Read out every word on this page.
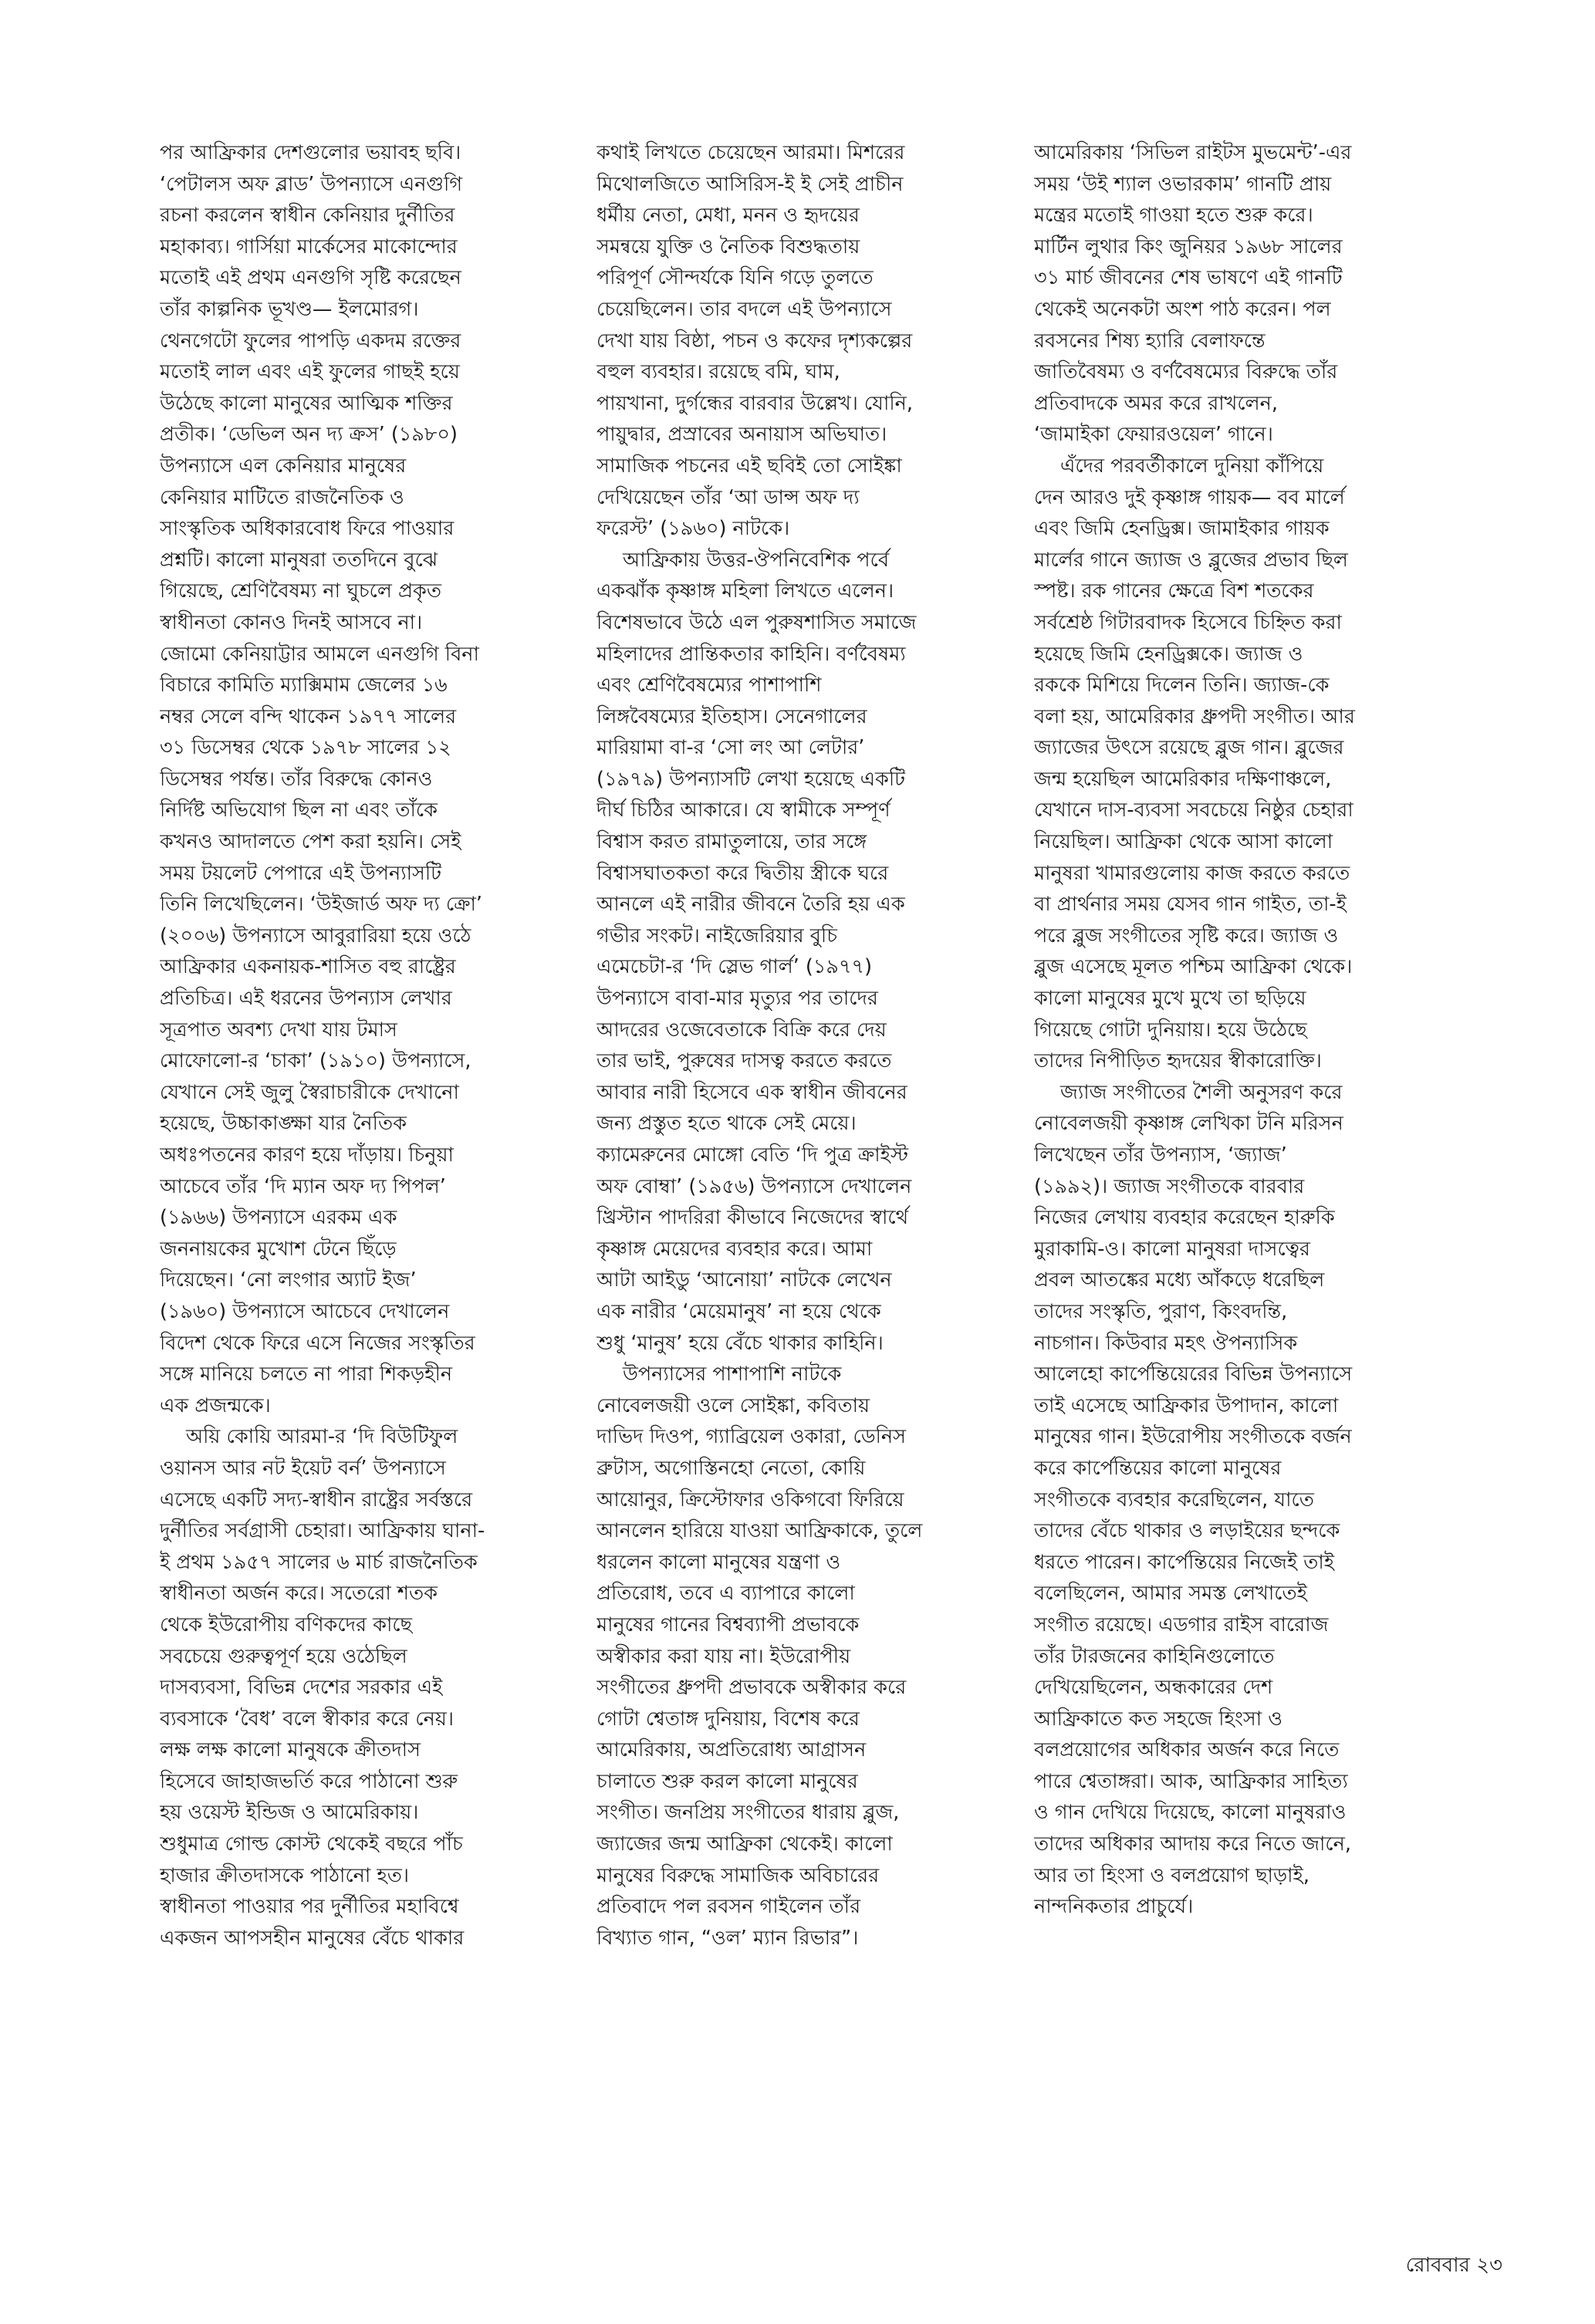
পর আফ্রিকার দেশগুলোর ভয়াবহ ছবি।
‘পেটালস অফ ব্লাড’ উপন্যাসে এনগুগি
রচনা করলেন স্বাধীন কেনিয়ার দুর্নীতির
মহাকাব্য। গার্সিয়া মার্কেসের মাকোন্দোর
মতোই এই প্রথম এনগুগি সৃষ্টি করেছেন
তাঁর কাল্পনিক ভূখণ্ড— ইলমোরগ।
থেনগেটো ফুলের পাপড়ি একদম রক্তের
মতোই লাল এবং এই ফুলের গাছই হয়ে
উঠেছে কালো মানুষের আত্মিক শক্তির
প্রতীক। ‘ডেভিল অন দ্য ক্রস’ (১৯৮০)
উপন্যাসে এল কেনিয়ার মানুষের
কেনিয়ার মাটিতে রাজনৈতিক ও
সাংস্কৃতিক অধিকারবোধ ফিরে পাওয়ার
প্রশ্নটি। কালো মানুষরা ততদিনে বুঝে
গিয়েছে, শ্রেণিবৈষম্য না ঘুচলে প্রকৃত
স্বাধীনতা কোনও দিনই আসবে না।
জোমো কেনিয়াট্টার আমলে এনগুগি বিনা
বিচারে কামিতি ম্যাক্সিমাম জেলের ১৬
নম্বর সেলে বন্দি থাকেন ১৯৭৭ সালের
৩১ ডিসেম্বর থেকে ১৯৭৮ সালের ১২
ডিসেম্বর পর্যন্ত। তাঁর বিরুদ্ধে কোনও
নির্দিষ্ট অভিযোগ ছিল না এবং তাঁকে
কখনও আদালতে পেশ করা হয়নি। সেই
সময় টয়লেট পেপারে এই উপন্যাসটি
তিনি লিখেছিলেন। ‘উইজার্ড অফ দ্য ক্রো’
(২০০৬) উপন্যাসে আবুরারিয়া হয়ে ওঠে
আফ্রিকার একনায়ক-শাসিত বহু রাষ্ট্রের
প্রতিচিত্র। এই ধরনের উপন্যাস লেখার
সূত্রপাত অবশ্য দেখা যায় টমাস
মোফোলো-র ‘চাকা’ (১৯১০) উপন্যাসে,
যেখানে সেই জুলু স্বৈরাচারীকে দেখানো
হয়েছে, উচ্চাকাঙ্ক্ষা যার নৈতিক
অধঃপতনের কারণ হয়ে দাঁড়ায়। চিনুয়া
আচেবে তাঁর ‘দি ম্যান অফ দ্য পিপল’
(১৯৬৬) উপন্যাসে এরকম এক
জননায়কের মুখোশ টেনে ছিঁড়ে
দিয়েছেন। ‘নো লংগার অ্যাট ইজ’
(১৯৬০) উপন্যাসে আচেবে দেখালেন
বিদেশ থেকে ফিরে এসে নিজের সংস্কৃতির
সঙ্গে মানিয়ে চলতে না পারা শিকড়হীন
এক প্রজন্মকে।
অয়ি কোয়ি আরমা-র ‘দি বিউটিফুল
ওয়ানস আর নট ইয়েট বর্ন’ উপন্যাসে
এসেছে একটি সদ্য-স্বাধীন রাষ্ট্রের সর্বস্তরে
দুর্নীতির সর্বগ্রাসী চেহারা। আফ্রিকায় ঘানা-
ই প্রথম ১৯৫৭ সালের ৬ মার্চ রাজনৈতিক
স্বাধীনতা অর্জন করে। সতেরো শতক
থেকে ইউরোপীয় বণিকদের কাছে
সবচেয়ে গুরুত্বপূর্ণ হয়ে ওঠেছিল
দাসব্যবসা, বিভিন্ন দেশের সরকার এই
ব্যবসাকে ‘বৈধ’ বলে স্বীকার করে নেয়।
লক্ষ লক্ষ কালো মানুষকে ক্রীতদাস
হিসেবে জাহাজভর্তি করে পাঠানো শুরু
হয় ওয়েস্ট ইন্ডিজ ও আমেরিকায়।
শুধুমাত্র গোল্ড কোস্ট থেকেই বছরে পাঁচ
হাজার ক্রীতদাসকে পাঠানো হত।
স্বাধীনতা পাওয়ার পর দুর্নীতির মহাবিশ্বে
একজন আপসহীন মানুষের বেঁচে থাকার
কথাই লিখতে চেয়েছেন আরমা। মিশরের
মিথোলজিতে আসিরিস-ই ই সেই প্রাচীন
ধর্মীয় নেতা, মেধা, মনন ও হৃদয়ের
সমন্বয়ে যুক্তি ও নৈতিক বিশুদ্ধতায়
পরিপূর্ণ সৌন্দর্যকে যিনি গড়ে তুলতে
চেয়েছিলেন। তার বদলে এই উপন্যাসে
দেখা যায় বিষ্ঠা, পচন ও কফের দৃশ্যকল্পের
বহুল ব্যবহার। রয়েছে বমি, ঘাম,
পায়খানা, দুর্গন্ধের বারবার উল্লেখ। যোনি,
পায়ুদ্বার, প্রস্রাবের অনায়াস অভিঘাত।
সামাজিক পচনের এই ছবিই তো সোইঙ্কা
দেখিয়েছেন তাঁর ‘আ ডান্স অফ দ্য
ফরেস্ট’ (১৯৬০) নাটকে।
আফ্রিকায় উত্তর-ঔপনিবেশিক পর্বে
একঝাঁক কৃষ্ণাঙ্গ মহিলা লিখতে এলেন।
বিশেষভাবে উঠে এল পুরুষশাসিত সমাজে
মহিলাদের প্রান্তিকতার কাহিনি। বর্ণবৈষম্য
এবং শ্রেণিবৈষম্যের পাশাপাশি
লিঙ্গবৈষম্যের ইতিহাস। সেনেগালের
মারিয়ামা বা-র ‘সো লং আ লেটার’
(১৯৭৯) উপন্যাসটি লেখা হয়েছে একটি
দীর্ঘ চিঠির আকারে। যে স্বামীকে সম্পূর্ণ
বিশ্বাস করত রামাতুলায়ে, তার সঙ্গে
বিশ্বাসঘাতকতা করে দ্বিতীয় স্ত্রীকে ঘরে
আনলে এই নারীর জীবনে তৈরি হয় এক
গভীর সংকট। নাইজেরিয়ার বুচি
এমেচেটা-র ‘দি স্লেভ গার্ল’ (১৯৭৭)
উপন্যাসে বাবা-মার মৃত্যুর পর তাদের
আদরের ওজেবেতাকে বিক্রি করে দেয়
তার ভাই, পুরুষের দাসত্ব করতে করতে
আবার নারী হিসেবে এক স্বাধীন জীবনের
জন্য প্রস্তুত হতে থাকে সেই মেয়ে।
ক্যামেরুনের মোঙ্গো বেতি ‘দি পুত্র ক্রাইস্ট
অফ বোম্বা’ (১৯৫৬) উপন্যাসে দেখালেন
খ্রিস্টান পাদরিরা কীভাবে নিজেদের স্বার্থে
কৃষ্ণাঙ্গ মেয়েদের ব্যবহার করে। আমা
আটা আইডু ‘আনোয়া’ নাটকে লেখেন
এক নারীর ‘মেয়েমানুষ’ না হয়ে থেকে
শুধু ‘মানুষ’ হয়ে বেঁচে থাকার কাহিনি।
উপন্যাসের পাশাপাশি নাটকে
নোবেলজয়ী ওলে সোইঙ্কা, কবিতায়
দাভিদ দিওপ, গ্যাব্রিয়েল ওকারা, ডেনিস
ব্রুটাস, অগোস্তিনহো নেতো, কোয়ি
আয়োনুর, ক্রিস্টোফার ওকিগবো ফিরিয়ে
আনলেন হারিয়ে যাওয়া আফ্রিকাকে, তুলে
ধরলেন কালো মানুষের যন্ত্রণা ও
প্রতিরোধ, তবে এ ব্যাপারে কালো
মানুষের গানের বিশ্বব্যাপী প্রভাবকে
অস্বীকার করা যায় না। ইউরোপীয়
সংগীতের ধ্রুপদী প্রভাবকে অস্বীকার করে
গোটা শ্বেতাঙ্গ দুনিয়ায়, বিশেষ করে
আমেরিকায়, অপ্রতিরোধ্য আগ্রাসন
চালাতে শুরু করল কালো মানুষের
সংগীত। জনপ্রিয় সংগীতের ধারায় ব্লুজ,
জ্যাজের জন্ম আফ্রিকা থেকেই। কালো
মানুষের বিরুদ্ধে সামাজিক অবিচারের
প্রতিবাদে পল রবসন গাইলেন তাঁর
বিখ্যাত গান, “ওল’ ম্যান রিভার”।
আমেরিকায় ‘সিভিল রাইটস মুভমেন্ট’-এর
সময় ‘উই শ্যাল ওভারকাম’ গানটি প্রায়
মন্ত্রের মতোই গাওয়া হতে শুরু করে।
মার্টিন লুথার কিং জুনিয়র ১৯৬৮ সালের
৩১ মার্চ জীবনের শেষ ভাষণে এই গানটি
থেকেই অনেকটা অংশ পাঠ করেন। পল
রবসনের শিষ্য হ্যারি বেলাফন্তে
জাতিবৈষম্য ও বর্ণবৈষম্যের বিরুদ্ধে তাঁর
প্রতিবাদকে অমর করে রাখলেন,
‘জামাইকা ফেয়ারওয়েল’ গানে।
এঁদের পরবর্তীকালে দুনিয়া কাঁপিয়ে
দেন আরও দুই কৃষ্ণাঙ্গ গায়ক— বব মার্লে
এবং জিমি হেনড্রিক্স। জামাইকার গায়ক
মার্লের গানে জ্যাজ ও ব্লুজের প্রভাব ছিল
স্পষ্ট। রক গানের ক্ষেত্রে বিশ শতকের
সর্বশ্রেষ্ঠ গিটারবাদক হিসেবে চিহ্নিত করা
হয়েছে জিমি হেনড্রিক্সকে। জ্যাজ ও
রককে মিশিয়ে দিলেন তিনি। জ্যাজ-কে
বলা হয়, আমেরিকার ধ্রুপদী সংগীত। আর
জ্যাজের উৎসে রয়েছে ব্লুজ গান। ব্লুজের
জন্ম হয়েছিল আমেরিকার দক্ষিণাঞ্চলে,
যেখানে দাস-ব্যবসা সবচেয়ে নিষ্ঠুর চেহারা
নিয়েছিল। আফ্রিকা থেকে আসা কালো
মানুষরা খামারগুলোয় কাজ করতে করতে
বা প্রার্থনার সময় যেসব গান গাইত, তা-ই
পরে ব্লুজ সংগীতের সৃষ্টি করে। জ্যাজ ও
ব্লুজ এসেছে মূলত পশ্চিম আফ্রিকা থেকে।
কালো মানুষের মুখে মুখে তা ছড়িয়ে
গিয়েছে গোটা দুনিয়ায়। হয়ে উঠেছে
তাদের নিপীড়িত হৃদয়ের স্বীকারোক্তি।
জ্যাজ সংগীতের শৈলী অনুসরণ করে
নোবেলজয়ী কৃষ্ণাঙ্গ লেখিকা টনি মরিসন
লিখেছেন তাঁর উপন্যাস, ‘জ্যাজ’
(১৯৯২)। জ্যাজ সংগীতকে বারবার
নিজের লেখায় ব্যবহার করেছেন হারুকি
মুরাকামি-ও। কালো মানুষরা দাসত্বের
প্রবল আতঙ্কের মধ্যে আঁকড়ে ধরেছিল
তাদের সংস্কৃতি, পুরাণ, কিংবদন্তি,
নাচগান। কিউবার মহৎ ঔপন্যাসিক
আলেহো কার্পেন্তিয়েরের বিভিন্ন উপন্যাসে
তাই এসেছে আফ্রিকার উপাদান, কালো
মানুষের গান। ইউরোপীয় সংগীতকে বর্জন
করে কার্পেন্তিয়ের কালো মানুষের
সংগীতকে ব্যবহার করেছিলেন, যাতে
তাদের বেঁচে থাকার ও লড়াইয়ের ছন্দকে
ধরতে পারেন। কার্পেন্তিয়ের নিজেই তাই
বলেছিলেন, আমার সমস্ত লেখাতেই
সংগীত রয়েছে। এডগার রাইস বারোজ
তাঁর টারজনের কাহিনিগুলোতে
দেখিয়েছিলেন, অন্ধকারের দেশ
আফ্রিকাতে কত সহজে হিংসা ও
বলপ্রয়োগের অধিকার অর্জন করে নিতে
পারে শ্বেতাঙ্গরা। আক, আফ্রিকার সাহিত্য
ও গান দেখিয়ে দিয়েছে, কালো মানুষরাও
তাদের অধিকার আদায় করে নিতে জানে,
আর তা হিংসা ও বলপ্রয়োগ ছাড়াই,
নান্দনিকতার প্রাচুর্যে।
রোববার ২৩
